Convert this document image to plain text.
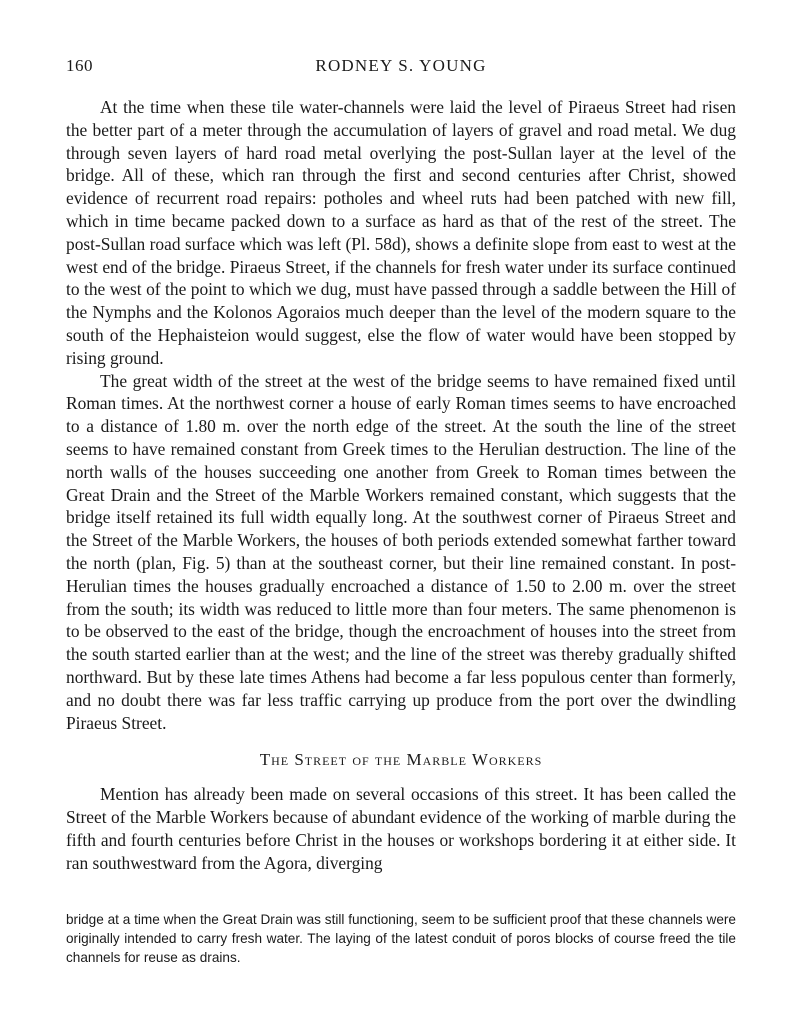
160	RODNEY S. YOUNG

At the time when these tile water-channels were laid the level of Piraeus Street had risen the better part of a meter through the accumulation of layers of gravel and road metal. We dug through seven layers of hard road metal overlying the post-Sullan layer at the level of the bridge. All of these, which ran through the first and second centuries after Christ, showed evidence of recurrent road repairs: potholes and wheel ruts had been patched with new fill, which in time became packed down to a surface as hard as that of the rest of the street. The post-Sullan road surface which was left (Pl. 58d), shows a definite slope from east to west at the west end of the bridge. Piraeus Street, if the channels for fresh water under its surface continued to the west of the point to which we dug, must have passed through a saddle between the Hill of the Nymphs and the Kolonos Agoraios much deeper than the level of the modern square to the south of the Hephaisteion would suggest, else the flow of water would have been stopped by rising ground.

The great width of the street at the west of the bridge seems to have remained fixed until Roman times. At the northwest corner a house of early Roman times seems to have encroached to a distance of 1.80 m. over the north edge of the street. At the south the line of the street seems to have remained constant from Greek times to the Herulian destruction. The line of the north walls of the houses succeeding one another from Greek to Roman times between the Great Drain and the Street of the Marble Workers remained constant, which suggests that the bridge itself retained its full width equally long. At the southwest corner of Piraeus Street and the Street of the Marble Workers, the houses of both periods extended somewhat farther toward the north (plan, Fig. 5) than at the southeast corner, but their line remained constant. In post-Herulian times the houses gradually encroached a distance of 1.50 to 2.00 m. over the street from the south; its width was reduced to little more than four meters. The same phenomenon is to be observed to the east of the bridge, though the encroachment of houses into the street from the south started earlier than at the west; and the line of the street was thereby gradually shifted northward. But by these late times Athens had become a far less populous center than formerly, and no doubt there was far less traffic carrying up produce from the port over the dwindling Piraeus Street.

The Street of the Marble Workers

Mention has already been made on several occasions of this street. It has been called the Street of the Marble Workers because of abundant evidence of the working of marble during the fifth and fourth centuries before Christ in the houses or workshops bordering it at either side. It ran southwestward from the Agora, diverging

bridge at a time when the Great Drain was still functioning, seem to be sufficient proof that these channels were originally intended to carry fresh water. The laying of the latest conduit of poros blocks of course freed the tile channels for reuse as drains.
